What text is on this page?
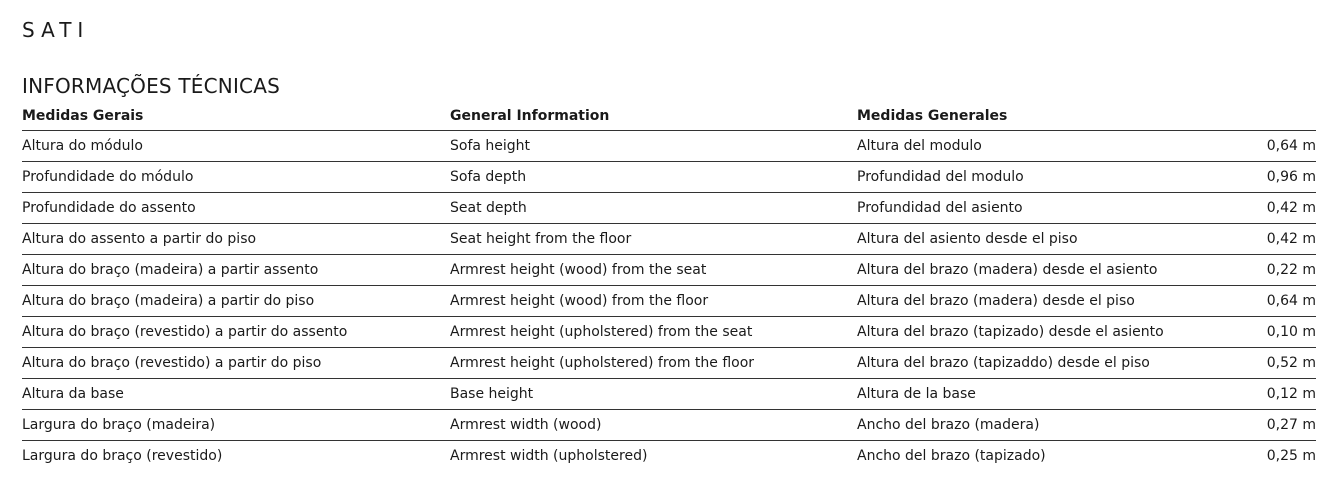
SATI
INFORMAÇÕES TÉCNICAS
Medidas Gerais	General Information	Medidas Generales	
Altura do módulo	Sofa height	Altura del modulo	0,64 m
Profundidade do módulo	Sofa depth	Profundidad del modulo	0,96 m
Profundidade do assento	Seat depth	Profundidad del asiento	0,42 m
Altura do assento a partir do piso	Seat height from the floor	Altura del asiento desde el piso	0,42 m
Altura do braço (madeira) a partir assento	Armrest height (wood) from the seat	Altura del brazo (madera) desde el asiento	0,22 m
Altura do braço (madeira) a partir do piso	Armrest height (wood) from the floor	Altura del brazo (madera) desde el piso	0,64 m
Altura do braço (revestido) a partir do assento	Armrest height (upholstered) from the seat	Altura del brazo (tapizado) desde el asiento	0,10 m
Altura do braço (revestido) a partir do piso	Armrest height (upholstered) from the floor	Altura del brazo (tapizaddo) desde el piso	0,52 m
Altura da base	Base height	Altura de la base	0,12 m
Largura do braço (madeira)	Armrest width (wood)	Ancho del brazo (madera)	0,27 m
Largura do braço (revestido)	Armrest width (upholstered)	Ancho del brazo (tapizado)	0,25 m
